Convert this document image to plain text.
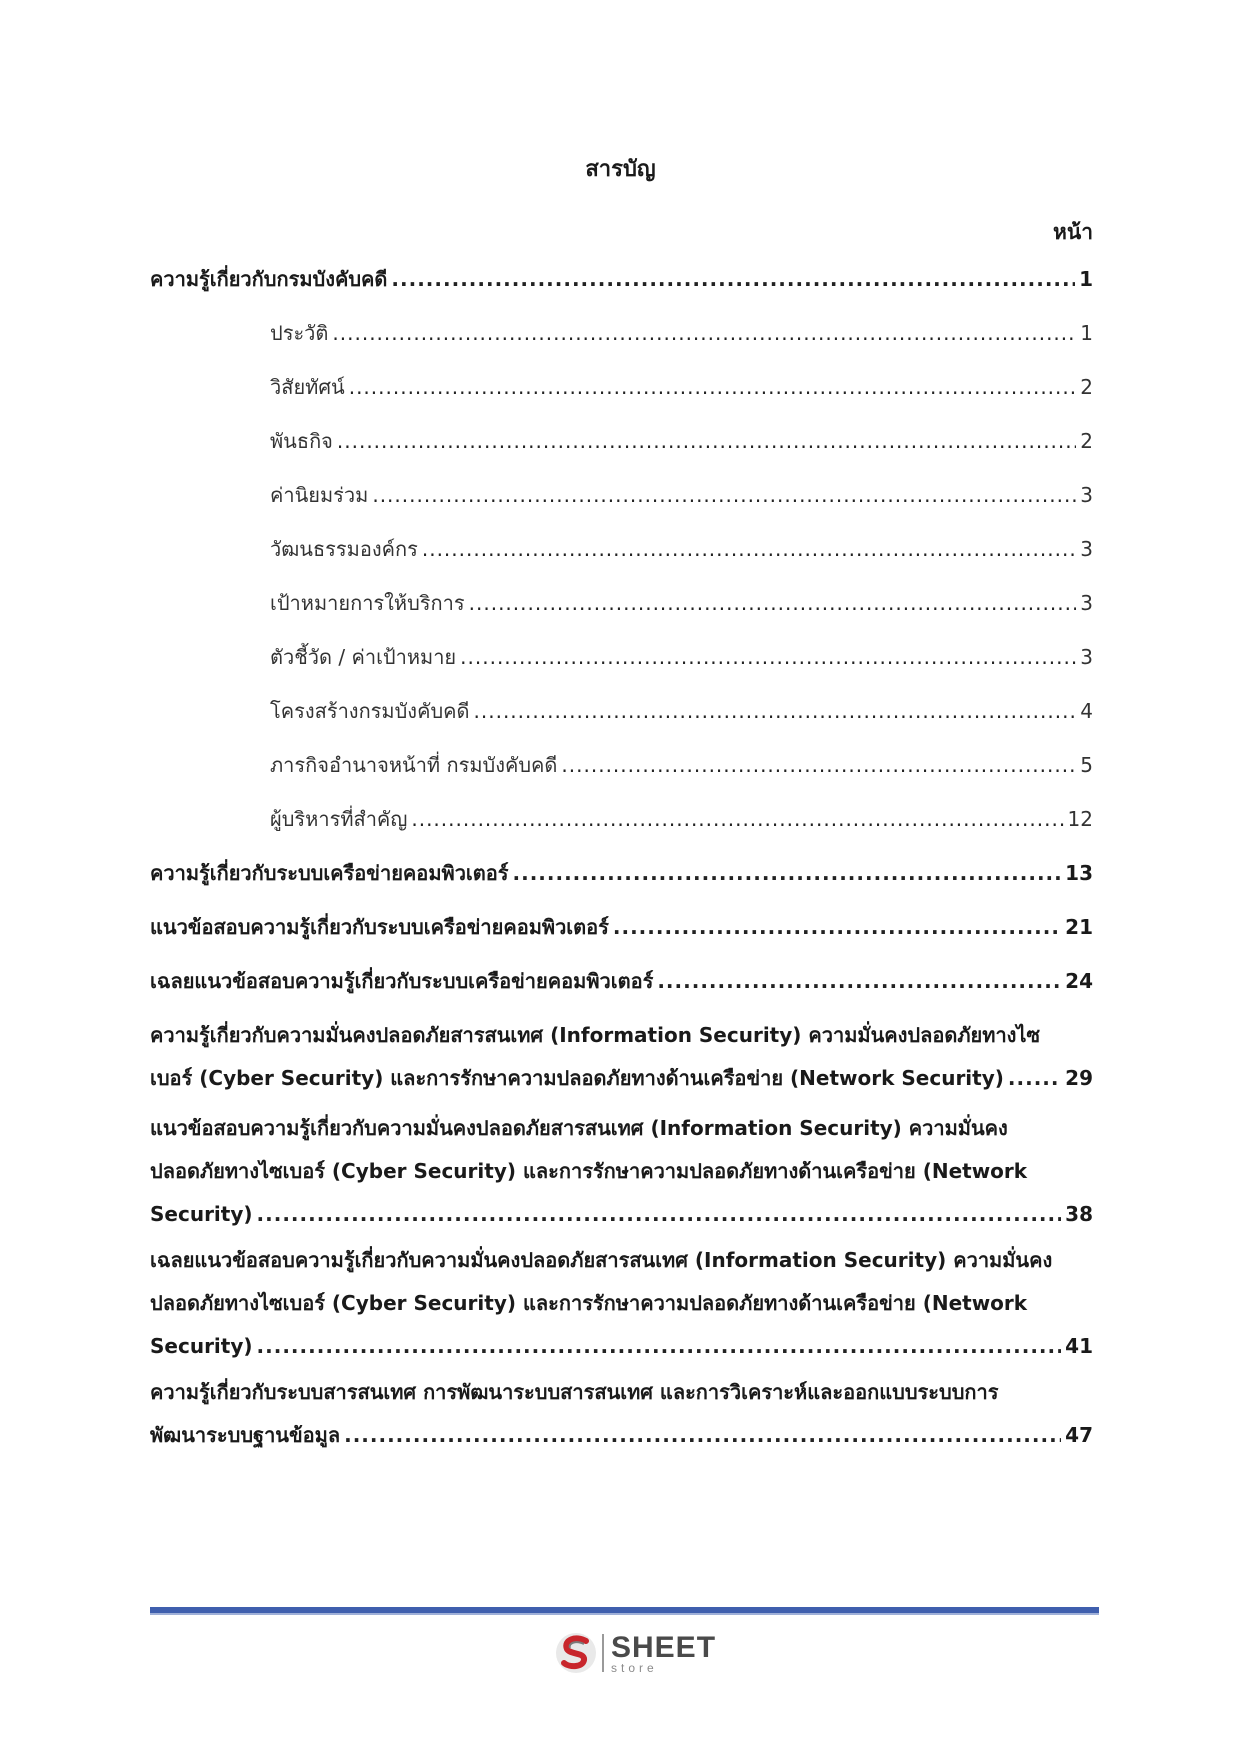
สารบัญ
หน้า
ความรู้เกี่ยวกับกรมบังคับคดี .....	1
ประวัติ .....	1
วิสัยทัศน์ .....	2
พันธกิจ .....	2
ค่านิยมร่วม .....	3
วัฒนธรรมองค์กร .....	3
เป้าหมายการให้บริการ .....	3
ตัวชี้วัด / ค่าเป้าหมาย .....	3
โครงสร้างกรมบังคับคดี .....	4
ภารกิจอำนาจหน้าที่ กรมบังคับคดี .....	5
ผู้บริหารที่สำคัญ .....	12
ความรู้เกี่ยวกับระบบเครือข่ายคอมพิวเตอร์ .....	13
แนวข้อสอบความรู้เกี่ยวกับระบบเครือข่ายคอมพิวเตอร์ .....	21
เฉลยแนวข้อสอบความรู้เกี่ยวกับระบบเครือข่ายคอมพิวเตอร์ .....	24
ความรู้เกี่ยวกับความมั่นคงปลอดภัยสารสนเทศ (Information Security) ความมั่นคงปลอดภัยทางไซ
เบอร์ (Cyber Security) และการรักษาความปลอดภัยทางด้านเครือข่าย (Network Security) .....	29
แนวข้อสอบความรู้เกี่ยวกับความมั่นคงปลอดภัยสารสนเทศ (Information Security) ความมั่นคง
ปลอดภัยทางไซเบอร์ (Cyber Security) และการรักษาความปลอดภัยทางด้านเครือข่าย (Network
Security) .....	38
เฉลยแนวข้อสอบความรู้เกี่ยวกับความมั่นคงปลอดภัยสารสนเทศ (Information Security) ความมั่นคง
ปลอดภัยทางไซเบอร์ (Cyber Security) และการรักษาความปลอดภัยทางด้านเครือข่าย (Network
Security) .....	41
ความรู้เกี่ยวกับระบบสารสนเทศ การพัฒนาระบบสารสนเทศ และการวิเคราะห์และออกแบบระบบการ
พัฒนาระบบฐานข้อมูล .....	47
SHEET
store
